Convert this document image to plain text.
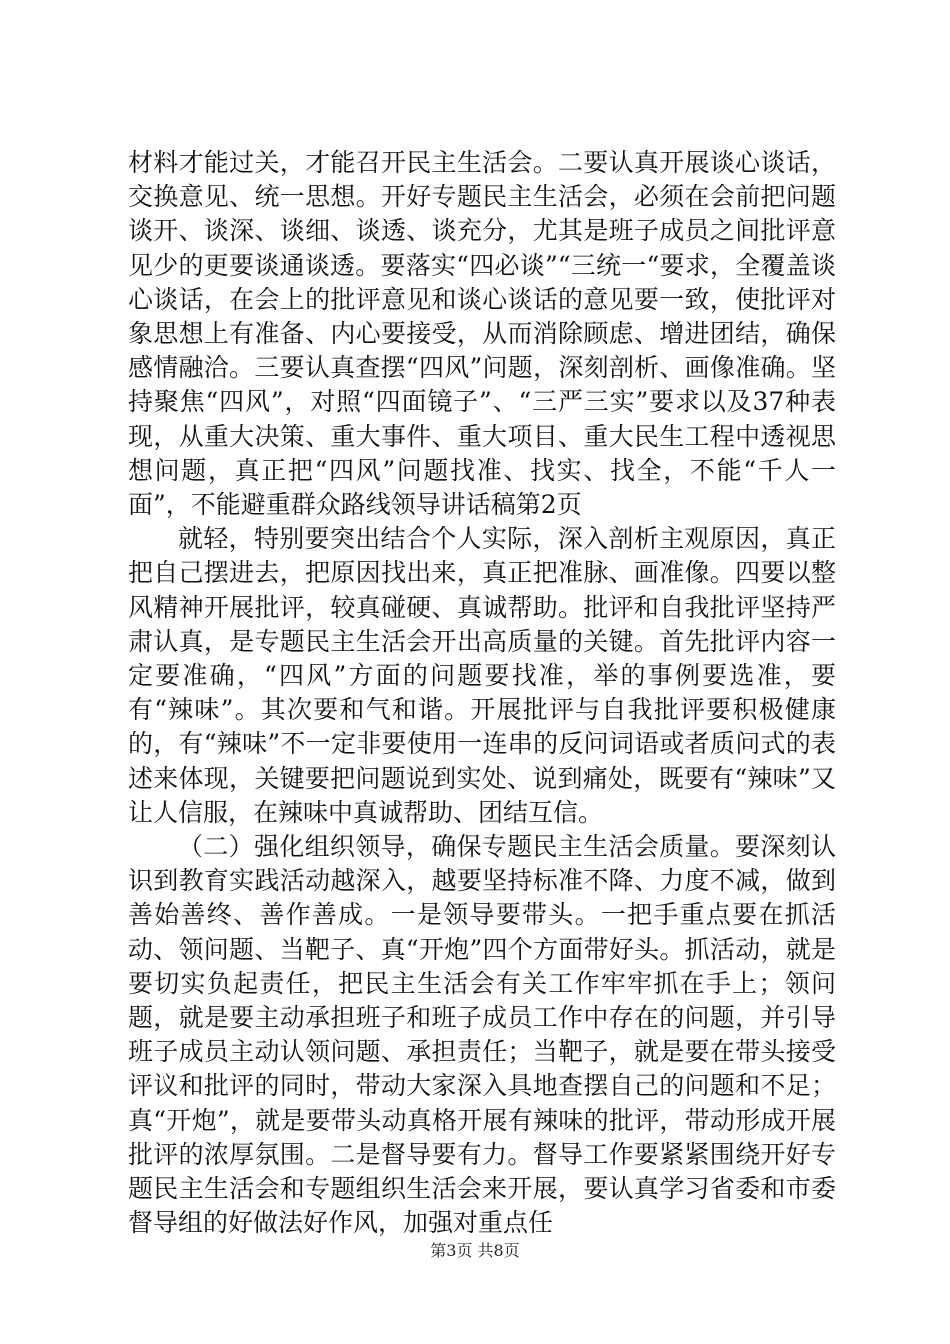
材料才能过关，才能召开民主生活会。二要认真开展谈心谈话，交换意见、统一思想。开好专题民主生活会，必须在会前把问题谈开、谈深、谈细、谈透、谈充分，尤其是班子成员之间批评意见少的更要谈通谈透。要落实“四必谈”“三统一“要求，全覆盖谈心谈话，在会上的批评意见和谈心谈话的意见要一致，使批评对象思想上有准备、内心要接受，从而消除顾虑、增进团结，确保感情融洽。三要认真查摆“四风”问题，深刻剖析、画像准确。坚持聚焦“四风”，对照“四面镜子”、“三严三实”要求以及37种表现，从重大决策、重大事件、重大项目、重大民生工程中透视思想问题，真正把“四风”问题找准、找实、找全，不能“千人一面”，不能避重群众路线领导讲话稿第2页

就轻，特别要突出结合个人实际，深入剖析主观原因，真正把自己摆进去，把原因找出来，真正把准脉、画准像。四要以整风精神开展批评，较真碰硬、真诚帮助。批评和自我批评坚持严肃认真，是专题民主生活会开出高质量的关键。首先批评内容一定要准确，“四风”方面的问题要找准，举的事例要选准，要有“辣味”。其次要和气和谐。开展批评与自我批评要积极健康的，有“辣味”不一定非要使用一连串的反问词语或者质问式的表述来体现，关键要把问题说到实处、说到痛处，既要有“辣味”又让人信服，在辣味中真诚帮助、团结互信。

（二）强化组织领导，确保专题民主生活会质量。要深刻认识到教育实践活动越深入，越要坚持标准不降、力度不减，做到善始善终、善作善成。一是领导要带头。一把手重点要在抓活动、领问题、当靶子、真“开炮”四个方面带好头。抓活动，就是要切实负起责任，把民主生活会有关工作牢牢抓在手上；领问题，就是要主动承担班子和班子成员工作中存在的问题，并引导班子成员主动认领问题、承担责任；当靶子，就是要在带头接受评议和批评的同时，带动大家深入具地查摆自己的问题和不足；真“开炮”，就是要带头动真格开展有辣味的批评，带动形成开展批评的浓厚氛围。二是督导要有力。督导工作要紧紧围绕开好专题民主生活会和专题组织生活会来开展，要认真学习省委和市委督导组的好做法好作风，加强对重点任

第3页 共8页
